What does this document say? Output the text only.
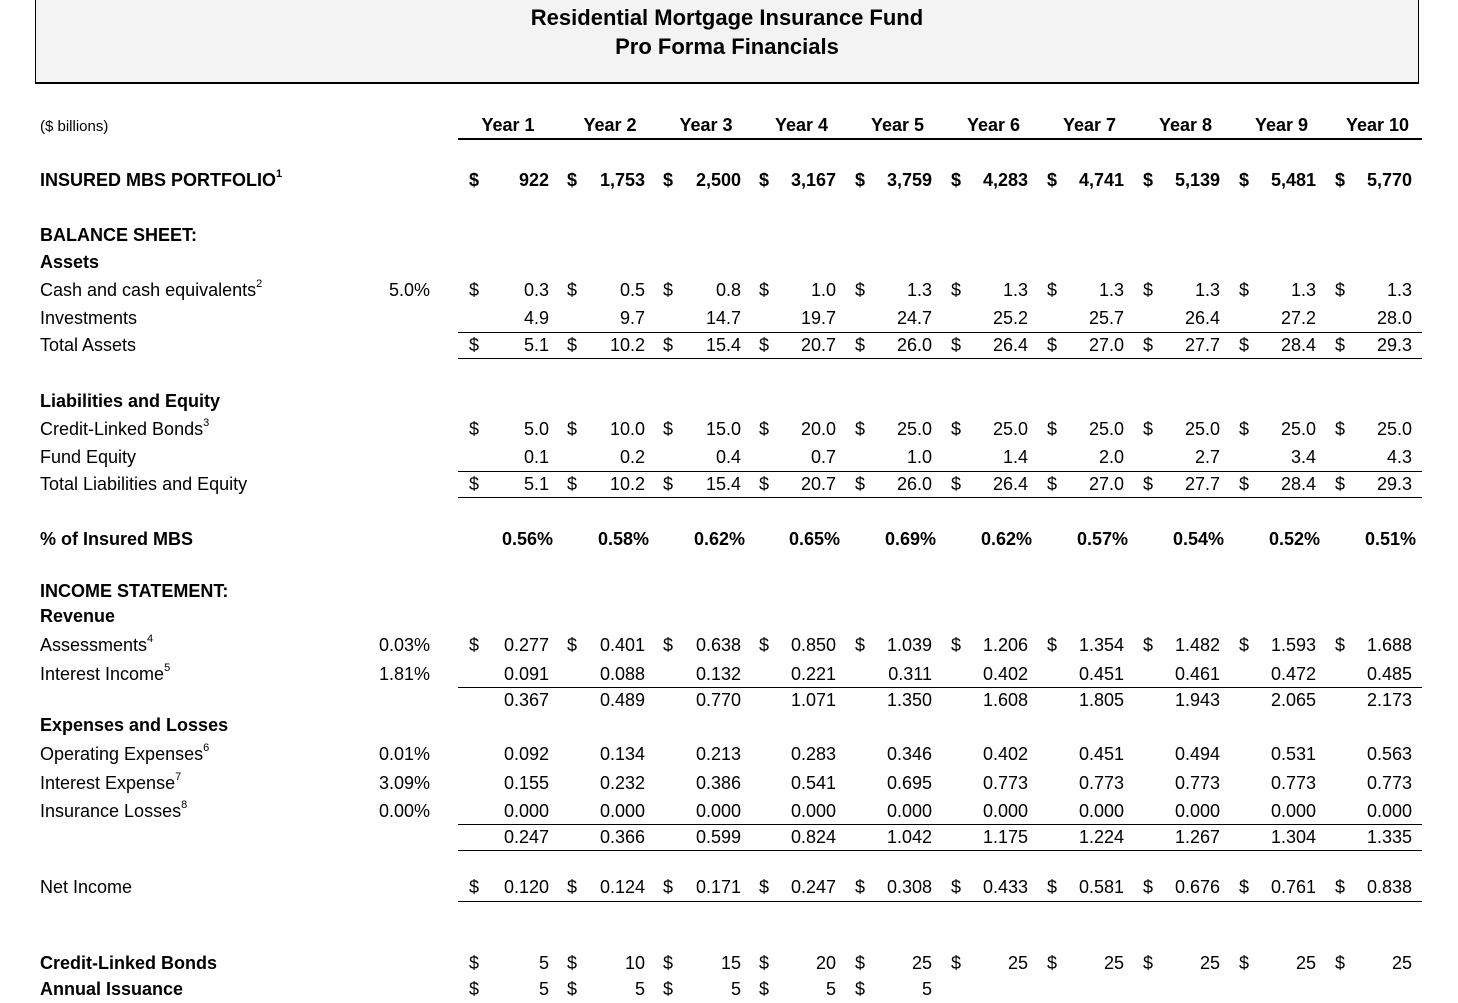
Residential Mortgage Insurance Fund
Pro Forma Financials
($ billions)	Year 1	Year 2	Year 3	Year 4	Year 5	Year 6	Year 7	Year 8	Year 9	Year 10
INSURED MBS PORTFOLIO$^1$	$	922 $	1,753 $	2,500 $	3,167 $	3,759 $	4,283 $	4,741 $	5,139 $	5,481 $	5,770
BALANCE SHEET:
Assets
Cash and cash equivalents$^2$	5.0% $	0.3 $	0.5 $	0.8 $	1.0 $	1.3 $	1.3 $	1.3 $	1.3 $	1.3 $	1.3
Investments	4.9	9.7	14.7	19.7	24.7	25.2	25.7	26.4	27.2	28.0
Total Assets	$	5.1 $	10.2 $	15.4 $	20.7 $	26.0 $	26.4 $	27.0 $	27.7 $	28.4 $	29.3
Liabilities and Equity
Credit-Linked Bonds$^3$	$	5.0 $	10.0 $	15.0 $	20.0 $	25.0 $	25.0 $	25.0 $	25.0 $	25.0 $	25.0
Fund Equity	0.1	0.2	0.4	0.7	1.0	1.4	2.0	2.7	3.4	4.3
Total Liabilities and Equity	$	5.1 $	10.2 $	15.4 $	20.7 $	26.0 $	26.4 $	27.0 $	27.7 $	28.4 $	29.3
% of Insured MBS	0.56%	0.58%	0.62%	0.65%	0.69%	0.62%	0.57%	0.54%	0.52%	0.51%
INCOME STATEMENT:
Revenue
Assessments$^4$	0.03% $	0.277 $	0.401 $	0.638 $	0.850 $	1.039 $	1.206 $	1.354 $	1.482 $	1.593 $	1.688
Interest Income$^5$	1.81%	0.091	0.088	0.132	0.221	0.311	0.402	0.451	0.461	0.472	0.485
0.367	0.489	0.770	1.071	1.350	1.608	1.805	1.943	2.065	2.173
Expenses and Losses
Operating Expenses$^6$	0.01%	0.092	0.134	0.213	0.283	0.346	0.402	0.451	0.494	0.531	0.563
Interest Expense$^7$	3.09%	0.155	0.232	0.386	0.541	0.695	0.773	0.773	0.773	0.773	0.773
Insurance Losses$^8$	0.00%	0.000	0.000	0.000	0.000	0.000	0.000	0.000	0.000	0.000	0.000
0.247	0.366	0.599	0.824	1.042	1.175	1.224	1.267	1.304	1.335
Net Income	$	0.120 $	0.124 $	0.171 $	0.247 $	0.308 $	0.433 $	0.581 $	0.676 $	0.761 $	0.838
Credit-Linked Bonds	$	5 $	10 $	15 $	20 $	25 $	25 $	25 $	25 $	25 $	25
Annual Issuance	$	5 $	5 $	5 $	5 $	5
